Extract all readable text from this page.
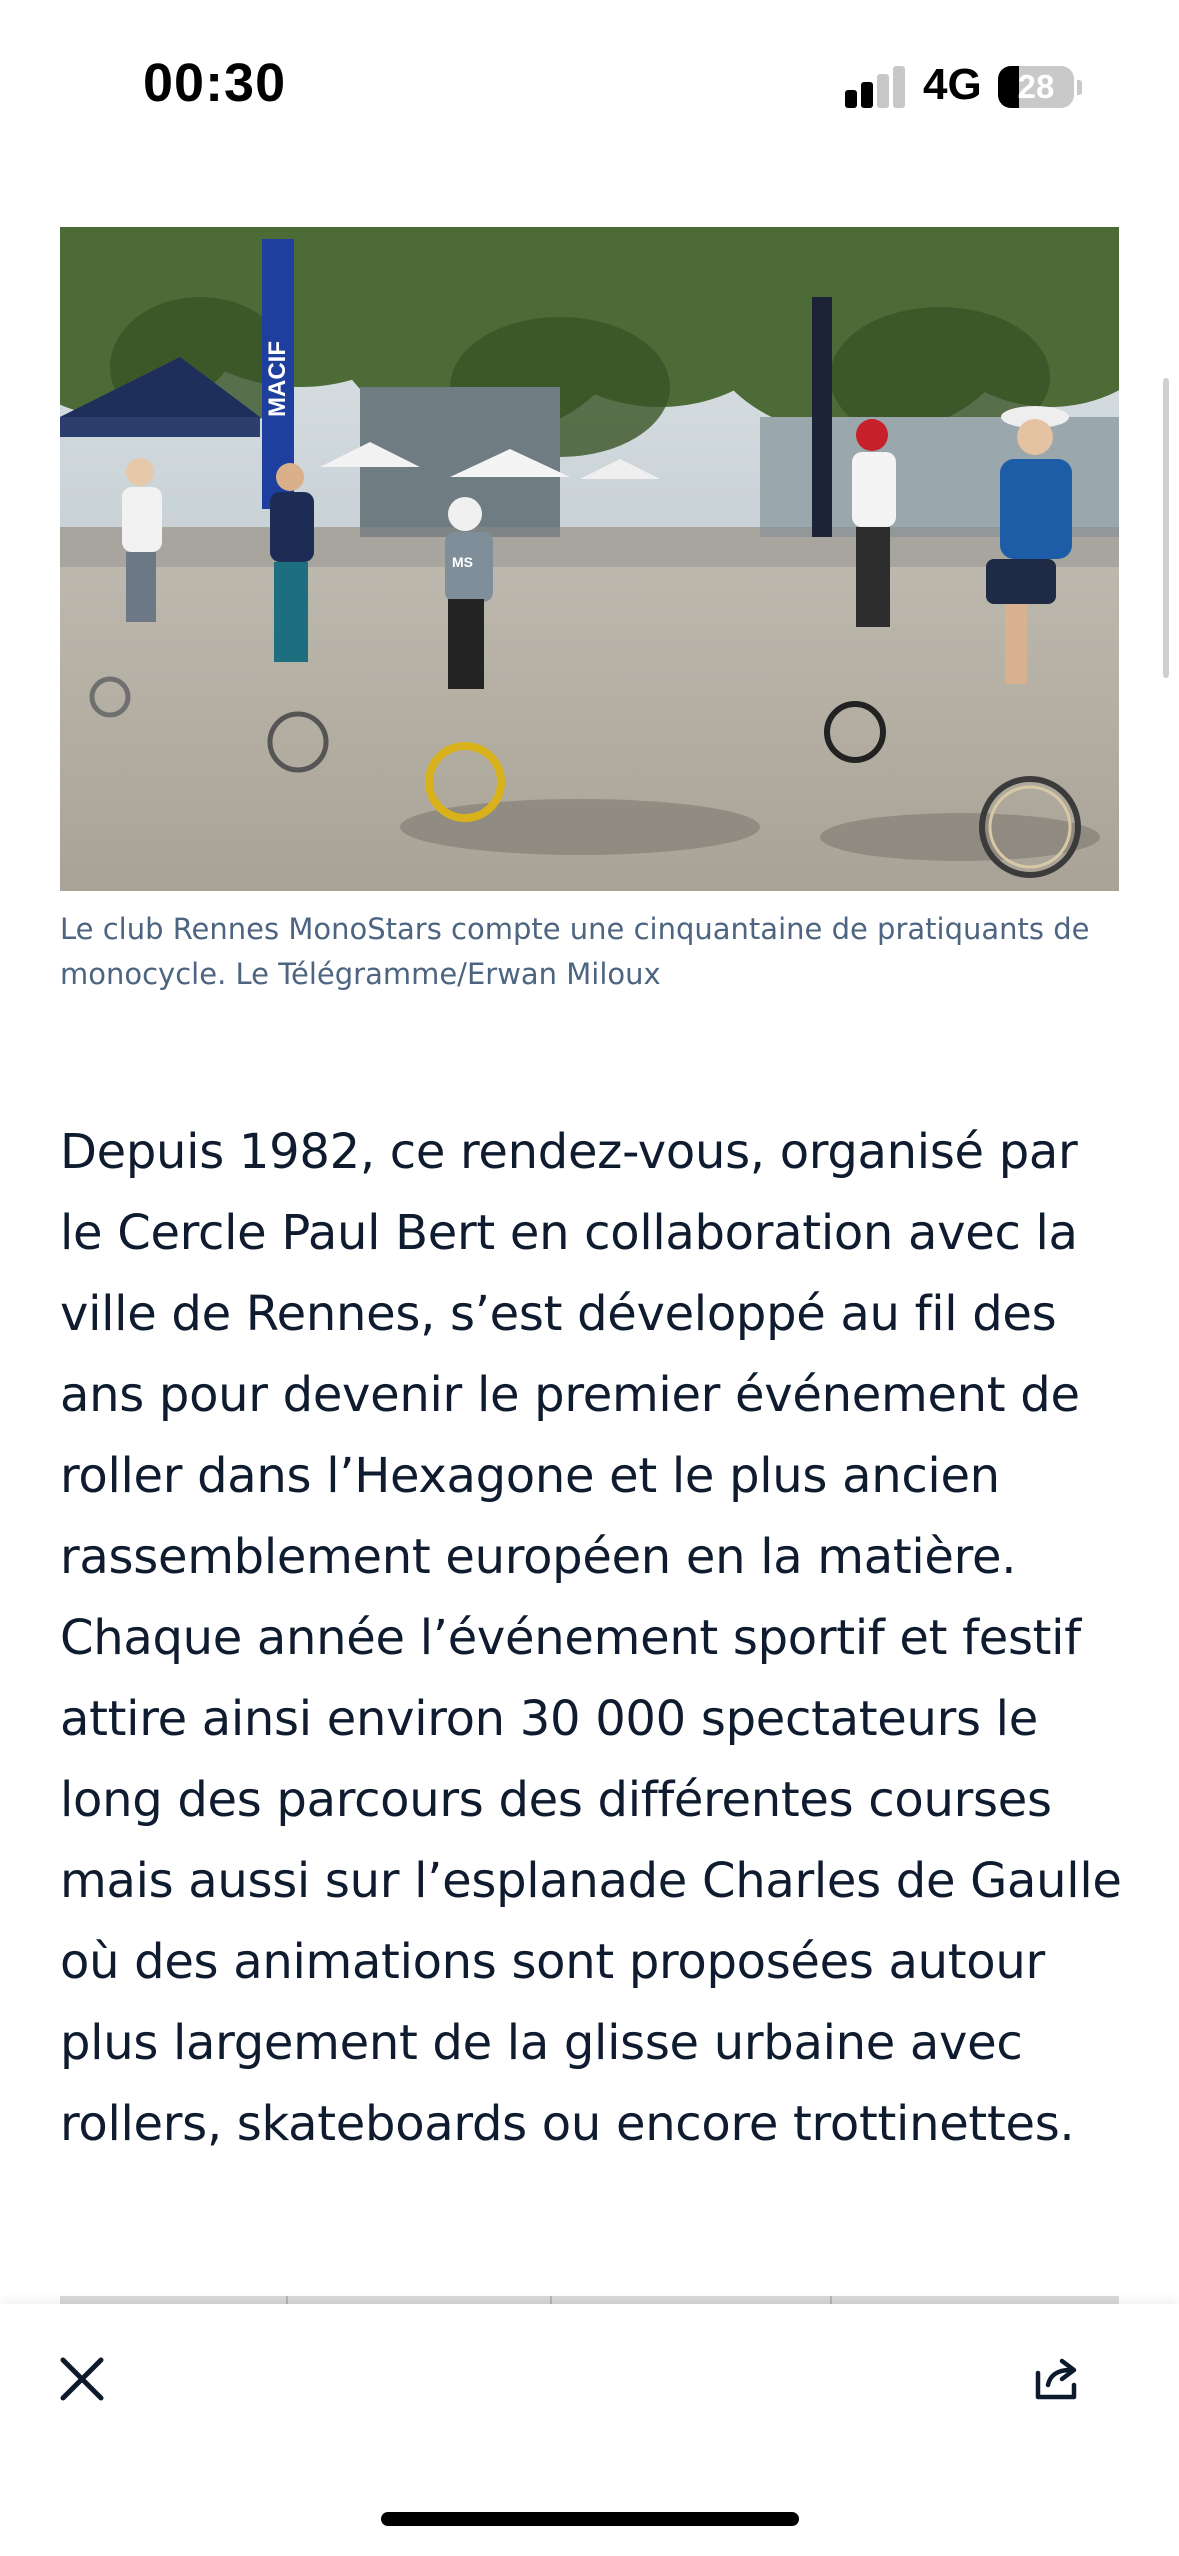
00:30	4G	28
MACIF
MS

Le club Rennes MonoStars compte une cinquantaine de pratiquants de monocycle. Le Télégramme/Erwan Miloux

Depuis 1982, ce rendez-vous, organisé par le Cercle Paul Bert en collaboration avec la ville de Rennes, s’est développé au fil des ans pour devenir le premier événement de roller dans l’Hexagone et le plus ancien rassemblement européen en la matière. Chaque année l’événement sportif et festif attire ainsi environ 30 000 spectateurs le long des parcours des différentes courses mais aussi sur l’esplanade Charles de Gaulle où des animations sont proposées autour plus largement de la glisse urbaine avec rollers, skateboards ou encore trottinettes.
